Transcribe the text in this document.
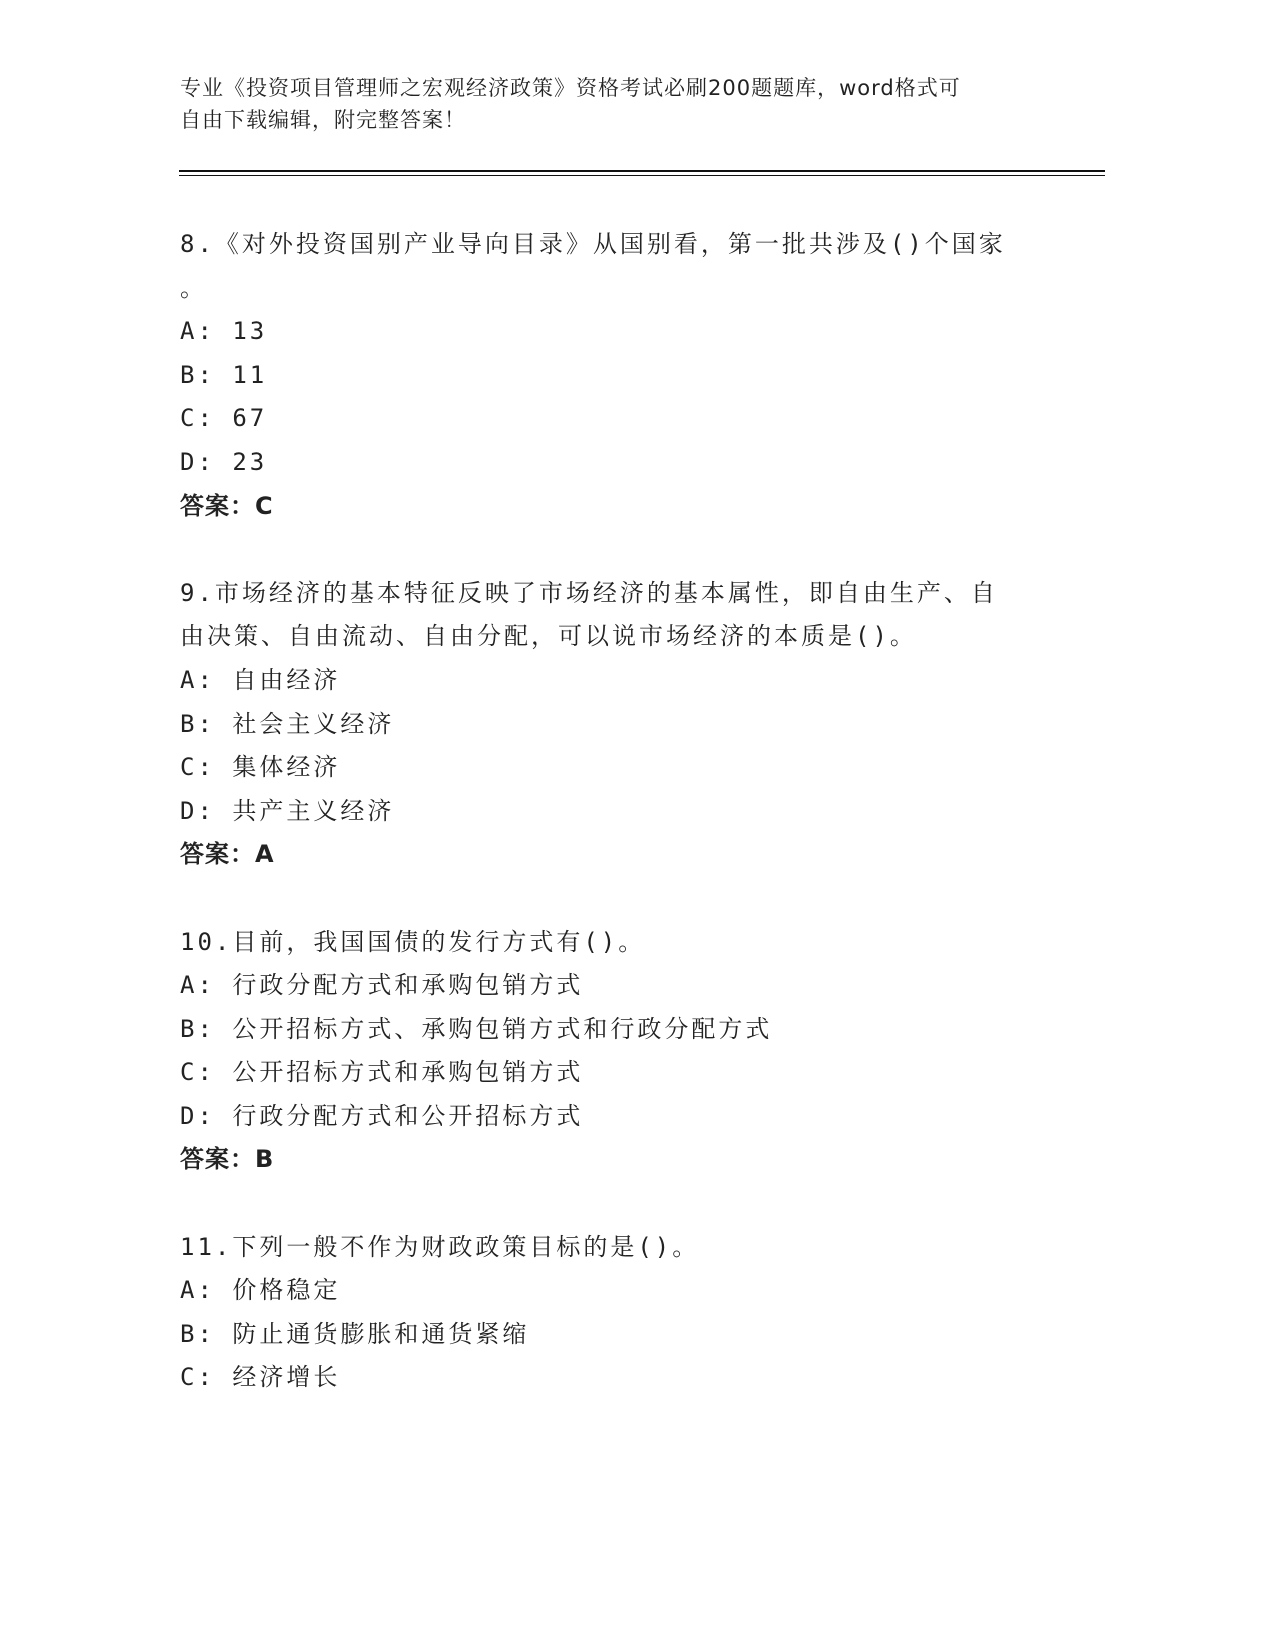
专业《投资项目管理师之宏观经济政策》资格考试必刷200题题库，word格式可
自由下载编辑，附完整答案！
8.《对外投资国别产业导向目录》从国别看，第一批共涉及()个国家
。
A: 13
B: 11
C: 67
D: 23
答案：C
9.市场经济的基本特征反映了市场经济的基本属性，即自由生产、自
由决策、自由流动、自由分配，可以说市场经济的本质是()。
A: 自由经济
B: 社会主义经济
C: 集体经济
D: 共产主义经济
答案：A
10.目前，我国国债的发行方式有()。
A: 行政分配方式和承购包销方式
B: 公开招标方式、承购包销方式和行政分配方式
C: 公开招标方式和承购包销方式
D: 行政分配方式和公开招标方式
答案：B
11.下列一般不作为财政政策目标的是()。
A: 价格稳定
B: 防止通货膨胀和通货紧缩
C: 经济增长
